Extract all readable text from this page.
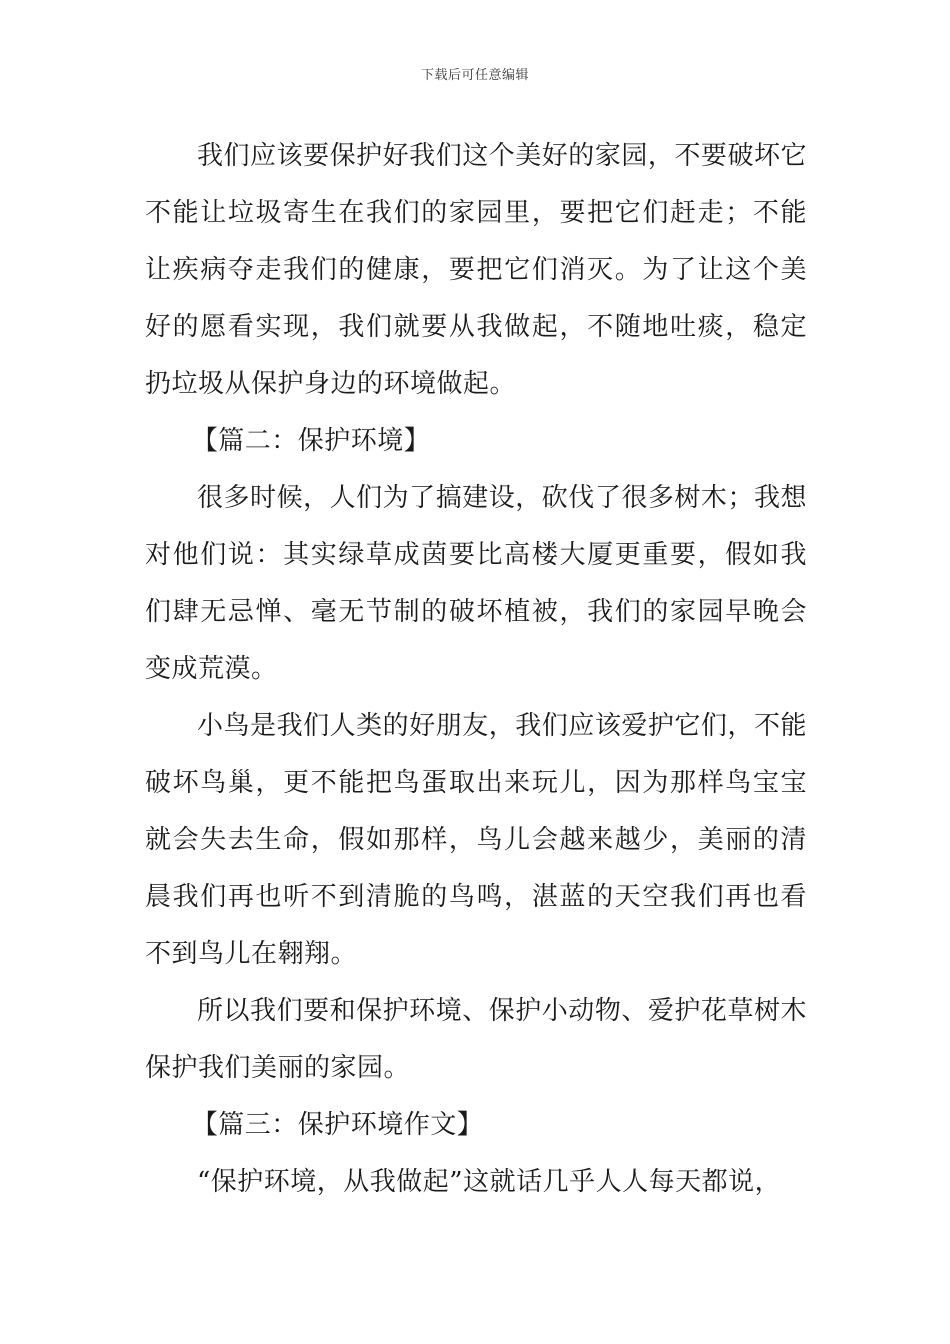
下载后可任意编辑

我们应该要保护好我们这个美好的家园，不要破坏它不能让垃圾寄生在我们的家园里，要把它们赶走；不能让疾病夺走我们的健康，要把它们消灭。为了让这个美好的愿看实现，我们就要从我做起，不随地吐痰，稳定扔垃圾从保护身边的环境做起。

【篇二：保护环境】

很多时候，人们为了搞建设，砍伐了很多树木；我想对他们说：其实绿草成茵要比高楼大厦更重要，假如我们肆无忌惮、毫无节制的破坏植被，我们的家园早晚会变成荒漠。

小鸟是我们人类的好朋友，我们应该爱护它们，不能破坏鸟巢，更不能把鸟蛋取出来玩儿，因为那样鸟宝宝就会失去生命，假如那样，鸟儿会越来越少，美丽的清晨我们再也听不到清脆的鸟鸣，湛蓝的天空我们再也看不到鸟儿在翱翔。

所以我们要和保护环境、保护小动物、爱护花草树木保护我们美丽的家园。

【篇三：保护环境作文】

“保护环境，从我做起”这就话几乎人人每天都说，
